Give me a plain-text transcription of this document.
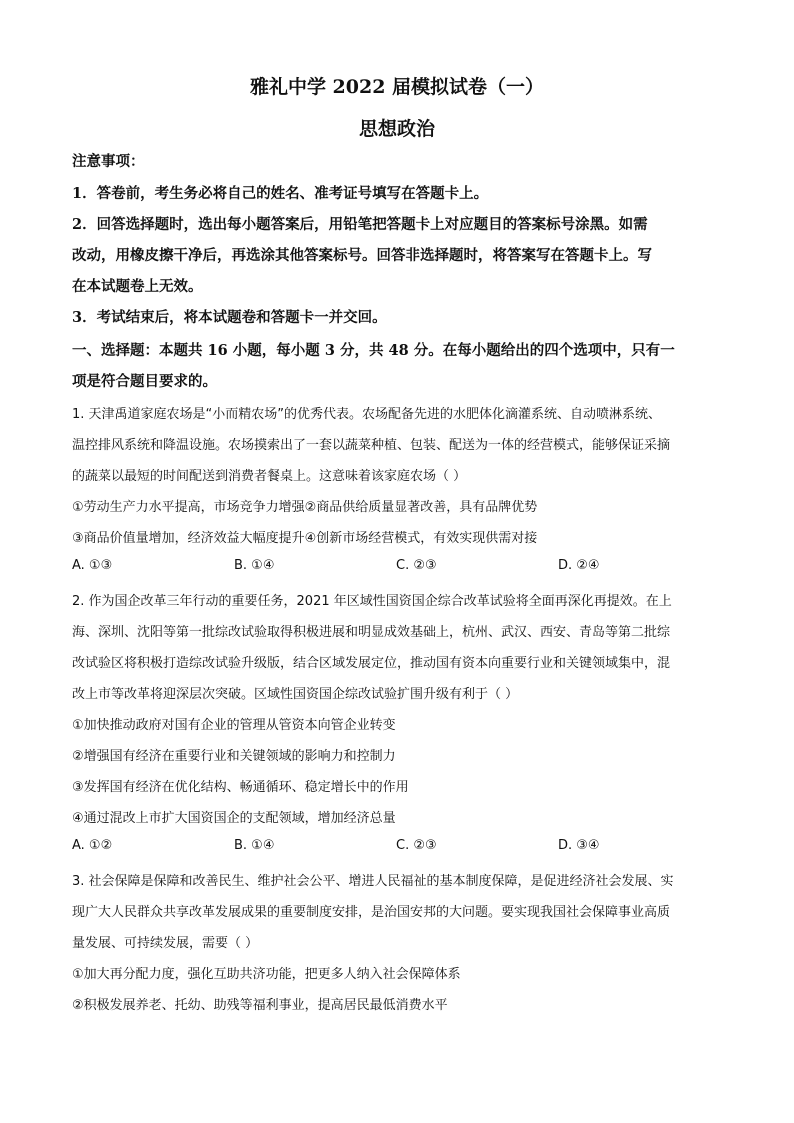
雅礼中学 2022 届模拟试卷（一）
思想政治
注意事项：
1．答卷前，考生务必将自己的姓名、准考证号填写在答题卡上。
2．回答选择题时，选出每小题答案后，用铅笔把答题卡上对应题目的答案标号涂黑。如需
改动，用橡皮擦干净后，再选涂其他答案标号。回答非选择题时，将答案写在答题卡上。写
在本试题卷上无效。
3．考试结束后，将本试题卷和答题卡一并交回。
一、选择题：本题共 16 小题，每小题 3 分，共 48 分。在每小题给出的四个选项中，只有一
项是符合题目要求的。
1. 天津禹道家庭农场是“小而精农场”的优秀代表。农场配备先进的水肥体化滴灌系统、自动喷淋系统、
温控排风系统和降温设施。农场摸索出了一套以蔬菜种植、包装、配送为一体的经营模式，能够保证采摘
的蔬菜以最短的时间配送到消费者餐桌上。这意味着该家庭农场（ ）
①劳动生产力水平提高，市场竞争力增强②商品供给质量显著改善，具有品牌优势
③商品价值量增加，经济效益大幅度提升④创新市场经营模式，有效实现供需对接
A. ①③	B. ①④	C. ②③	D. ②④
2. 作为国企改革三年行动的重要任务，2021 年区域性国资国企综合改革试验将全面再深化再提效。在上
海、深圳、沈阳等第一批综改试验取得积极进展和明显成效基础上，杭州、武汉、西安、青岛等第二批综
改试验区将积极打造综改试验升级版，结合区域发展定位，推动国有资本向重要行业和关键领域集中，混
改上市等改革将迎深层次突破。区域性国资国企综改试验扩围升级有利于（ ）
①加快推动政府对国有企业的管理从管资本向管企业转变
②增强国有经济在重要行业和关键领域的影响力和控制力
③发挥国有经济在优化结构、畅通循环、稳定增长中的作用
④通过混改上市扩大国资国企的支配领域，增加经济总量
A. ①②	B. ①④	C. ②③	D. ③④
3. 社会保障是保障和改善民生、维护社会公平、增进人民福祉的基本制度保障，是促进经济社会发展、实
现广大人民群众共享改革发展成果的重要制度安排，是治国安邦的大问题。要实现我国社会保障事业高质
量发展、可持续发展，需要（ ）
①加大再分配力度，强化互助共济功能，把更多人纳入社会保障体系
②积极发展养老、托幼、助残等福利事业，提高居民最低消费水平
